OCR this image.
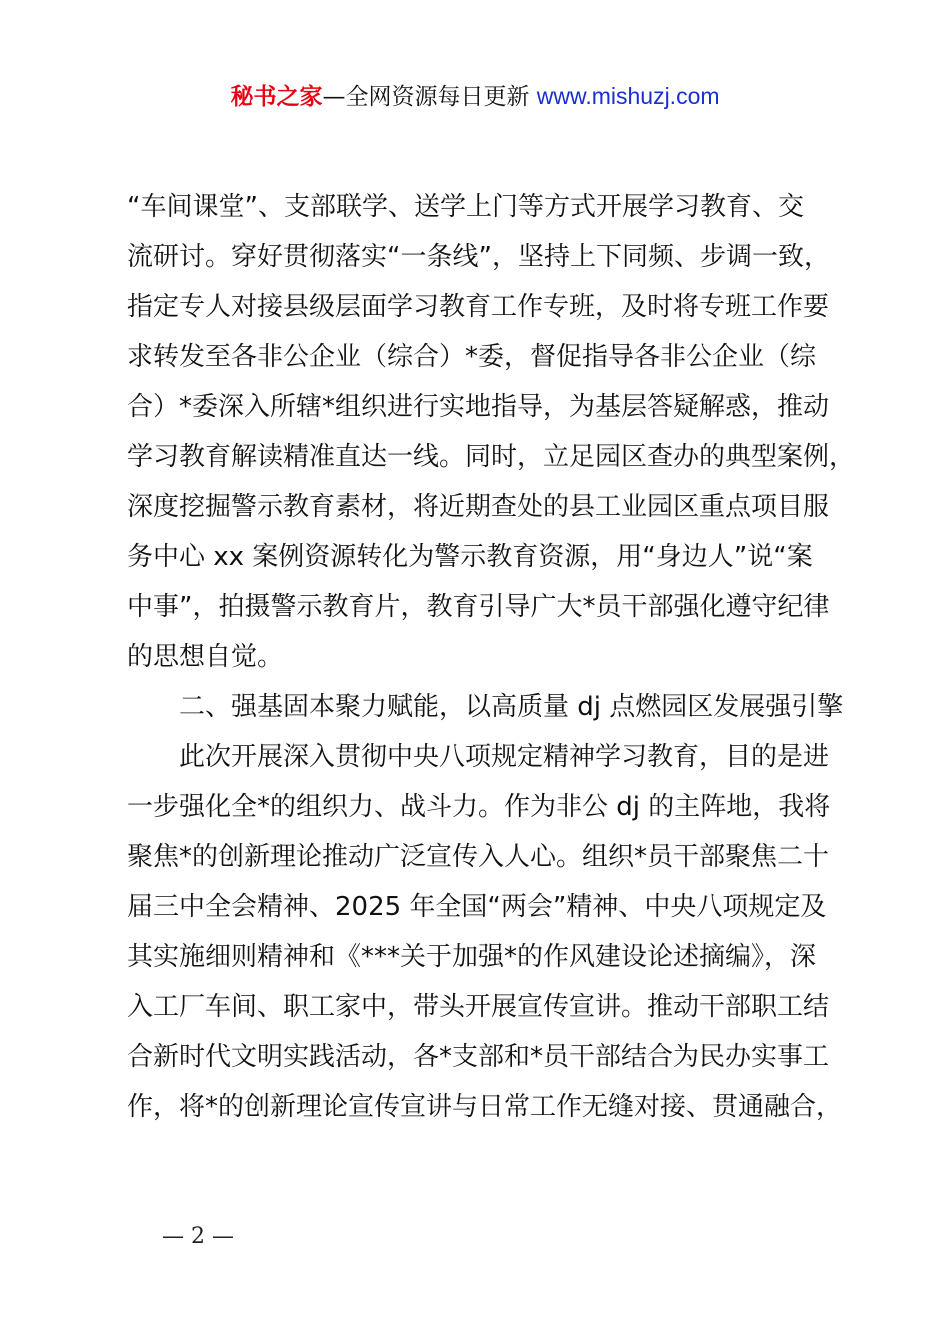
秘书之家—全网资源每日更新 www.mishuzj.com
“车间课堂”、支部联学、送学上门等方式开展学习教育、交
流研讨。穿好贯彻落实“一条线”，坚持上下同频、步调一致，
指定专人对接县级层面学习教育工作专班，及时将专班工作要
求转发至各非公企业（综合）*委，督促指导各非公企业（综
合）*委深入所辖*组织进行实地指导，为基层答疑解惑，推动
学习教育解读精准直达一线。同时，立足园区查办的典型案例，
深度挖掘警示教育素材，将近期查处的县工业园区重点项目服
务中心 xx 案例资源转化为警示教育资源，用“身边人”说“案
中事”，拍摄警示教育片，教育引导广大*员干部强化遵守纪律
的思想自觉。
二、强基固本聚力赋能，以高质量 dj 点燃园区发展强引擎
此次开展深入贯彻中央八项规定精神学习教育，目的是进
一步强化全*的组织力、战斗力。作为非公 dj 的主阵地，我将
聚焦*的创新理论推动广泛宣传入人心。组织*员干部聚焦二十
届三中全会精神、2025 年全国“两会”精神、中央八项规定及
其实施细则精神和《***关于加强*的作风建设论述摘编》，深
入工厂车间、职工家中，带头开展宣传宣讲。推动干部职工结
合新时代文明实践活动，各*支部和*员干部结合为民办实事工
作，将*的创新理论宣传宣讲与日常工作无缝对接、贯通融合，
— 2 —
